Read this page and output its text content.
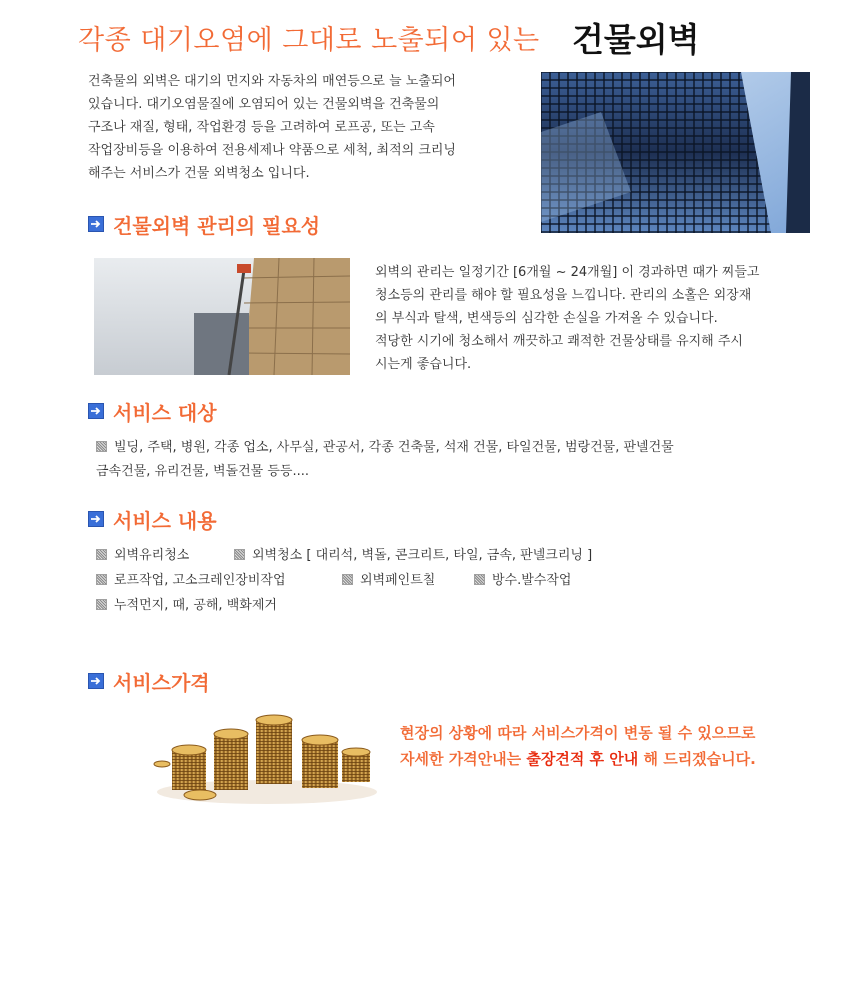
각종 대기오염에 그대로 노출되어 있는 건물외벽
건축물의 외벽은 대기의 먼지와 자동차의 매연등으로 늘 노출되어
있습니다. 대기오염물질에 오염되어 있는 건물외벽을 건축물의
구조나 재질, 형태, 작업환경 등을 고려하여 로프공, 또는 고속
작업장비등을 이용하여 전용세제나 약품으로 세척, 최적의 크리닝
해주는 서비스가 건물 외벽청소 입니다.
건물외벽 관리의 필요성
외벽의 관리는 일정기간 [6개월 ~ 24개월] 이 경과하면 때가 찌들고
청소등의 관리를 해야 할 필요성을 느낍니다. 관리의 소홀은 외장재
의 부식과 탈색, 변색등의 심각한 손실을 가져올 수 있습니다.
적당한 시기에 청소해서 깨끗하고 쾌적한 건물상태를 유지해 주시
시는게 좋습니다.
서비스 대상
빌딩, 주택, 병원, 각종 업소, 사무실, 관공서, 각종 건축물, 석재 건물, 타일건물, 범랑건물, 판넬건물
금속건물, 유리건물, 벽돌건물 등등....
서비스 내용
외벽유리청소	외벽청소 [ 대리석, 벽돌, 콘크리트, 타일, 금속, 판넬크리닝 ]
로프작업, 고소크레인장비작업	외벽페인트칠	방수.발수작업
누적먼지, 때, 공해, 백화제거
서비스가격
현장의 상황에 따라 서비스가격이 변동 될 수 있으므로
자세한 가격안내는 출장견적 후 안내 해 드리겠습니다.
